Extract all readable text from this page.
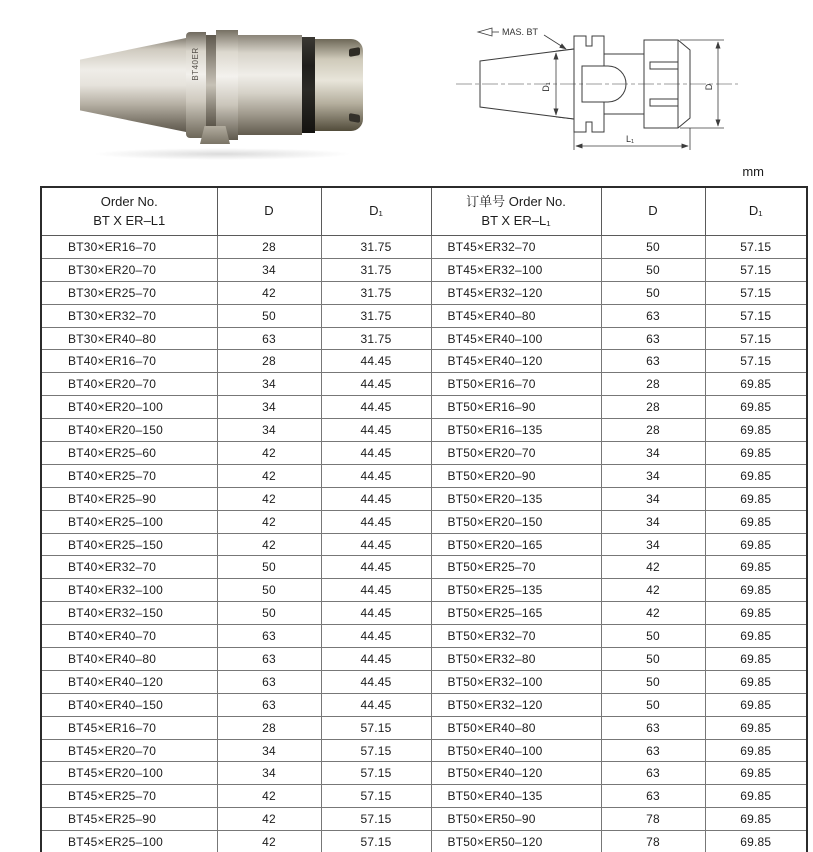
BT40ER
MAS. BT
D₁	D
L₁
mm
Order No.
BT X ER–L1
	D	D₁	
订单号 Order No.
BT X ER–L₁
	D	D₁
BT30×ER16–70	28	31.75	BT45×ER32–70	50	57.15
BT30×ER20–70	34	31.75	BT45×ER32–100	50	57.15
BT30×ER25–70	42	31.75	BT45×ER32–120	50	57.15
BT30×ER32–70	50	31.75	BT45×ER40–80	63	57.15
BT30×ER40–80	63	31.75	BT45×ER40–100	63	57.15
BT40×ER16–70	28	44.45	BT45×ER40–120	63	57.15
BT40×ER20–70	34	44.45	BT50×ER16–70	28	69.85
BT40×ER20–100	34	44.45	BT50×ER16–90	28	69.85
BT40×ER20–150	34	44.45	BT50×ER16–135	28	69.85
BT40×ER25–60	42	44.45	BT50×ER20–70	34	69.85
BT40×ER25–70	42	44.45	BT50×ER20–90	34	69.85
BT40×ER25–90	42	44.45	BT50×ER20–135	34	69.85
BT40×ER25–100	42	44.45	BT50×ER20–150	34	69.85
BT40×ER25–150	42	44.45	BT50×ER20–165	34	69.85
BT40×ER32–70	50	44.45	BT50×ER25–70	42	69.85
BT40×ER32–100	50	44.45	BT50×ER25–135	42	69.85
BT40×ER32–150	50	44.45	BT50×ER25–165	42	69.85
BT40×ER40–70	63	44.45	BT50×ER32–70	50	69.85
BT40×ER40–80	63	44.45	BT50×ER32–80	50	69.85
BT40×ER40–120	63	44.45	BT50×ER32–100	50	69.85
BT40×ER40–150	63	44.45	BT50×ER32–120	50	69.85
BT45×ER16–70	28	57.15	BT50×ER40–80	63	69.85
BT45×ER20–70	34	57.15	BT50×ER40–100	63	69.85
BT45×ER20–100	34	57.15	BT50×ER40–120	63	69.85
BT45×ER25–70	42	57.15	BT50×ER40–135	63	69.85
BT45×ER25–90	42	57.15	BT50×ER50–90	78	69.85
BT45×ER25–100	42	57.15	BT50×ER50–120	78	69.85
